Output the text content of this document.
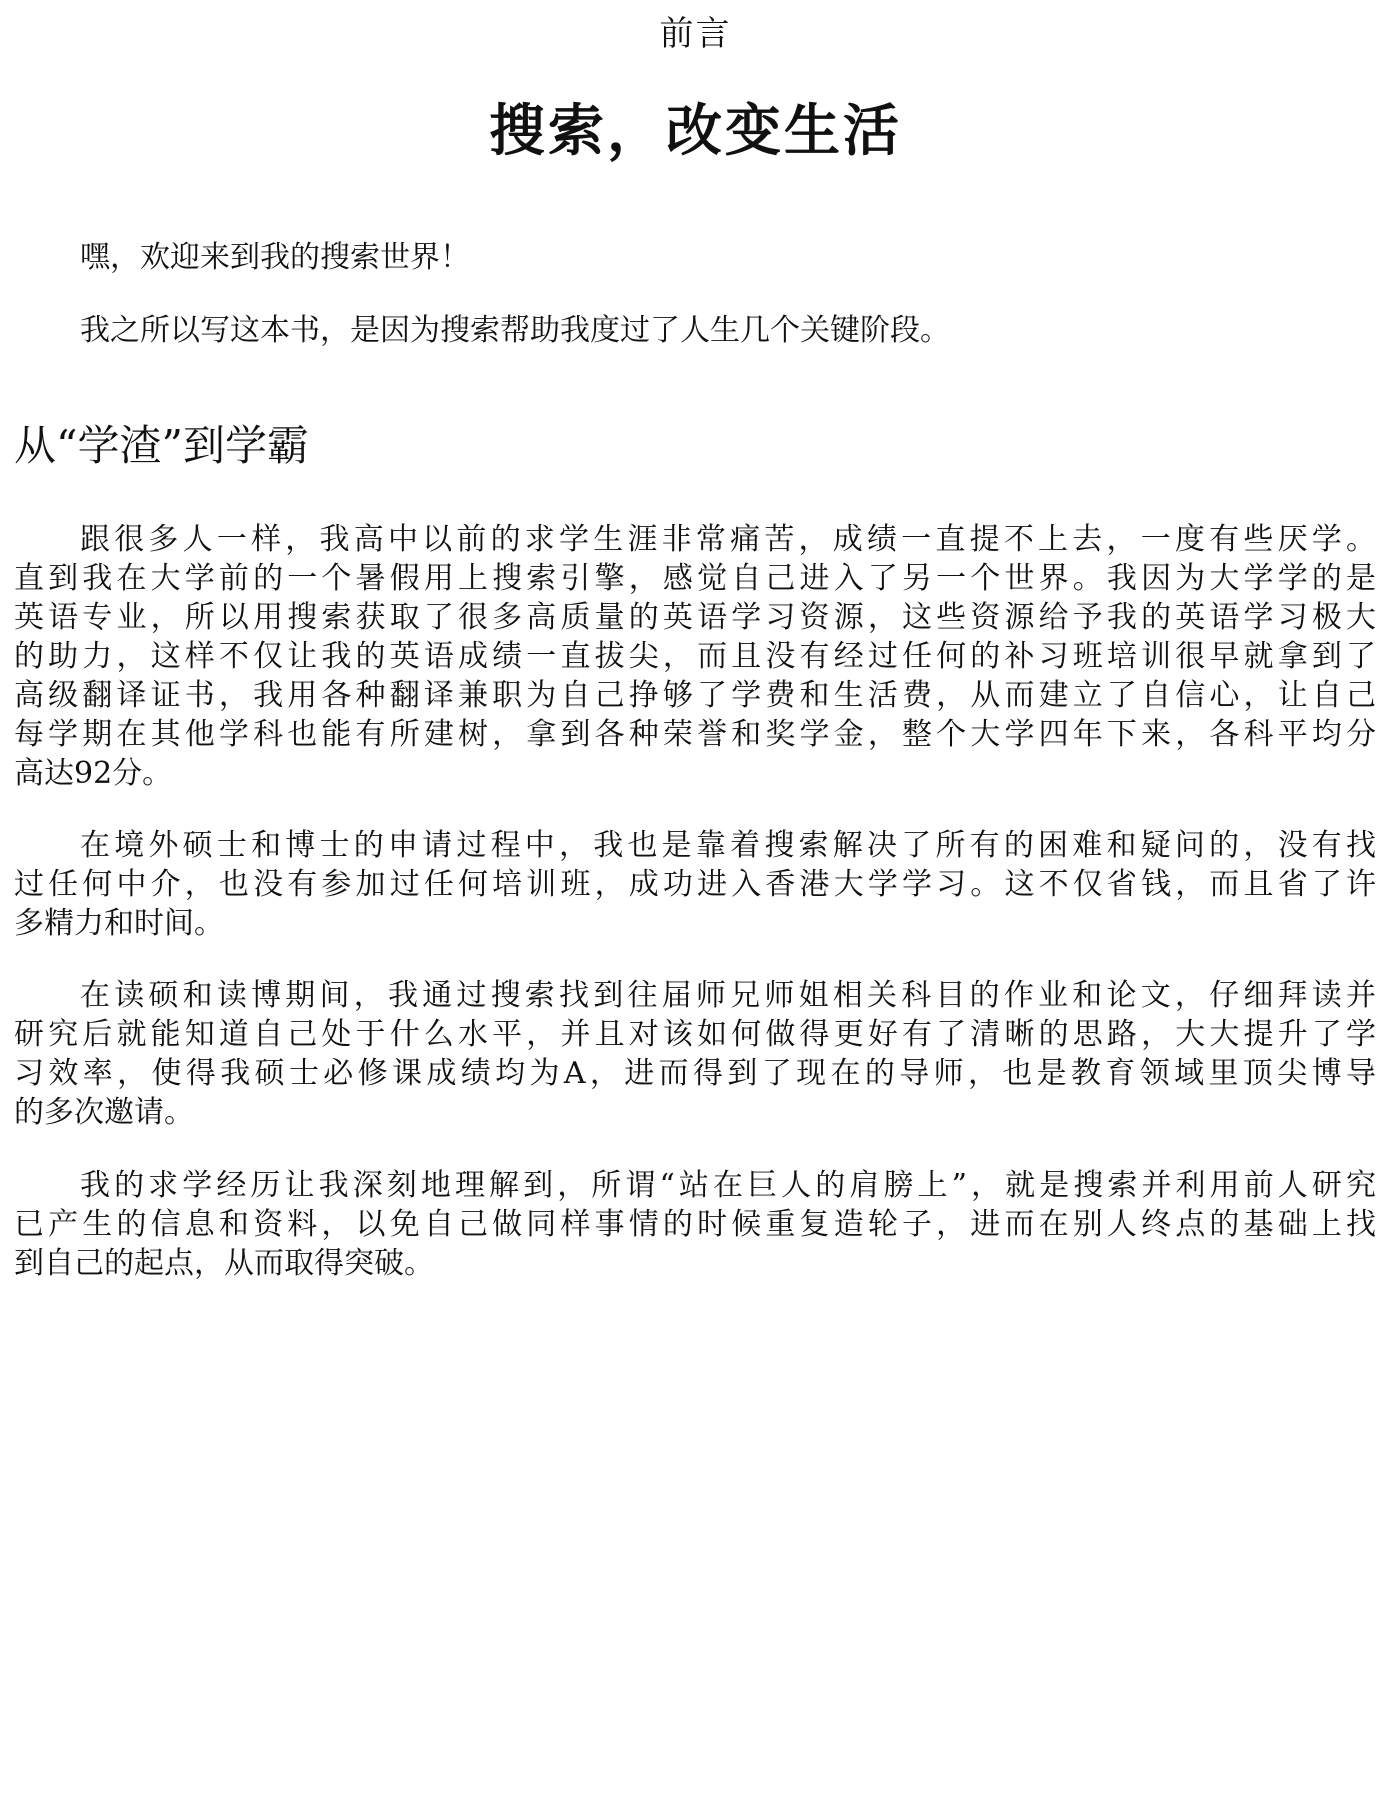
前言
搜索，改变生活

嘿，欢迎来到我的搜索世界！

我之所以写这本书，是因为搜索帮助我度过了人生几个关键阶段。

从“学渣”到学霸
跟很多人一样，我高中以前的求学生涯非常痛苦，成绩一直提不上去，一度有些厌学。
直到我在大学前的一个暑假用上搜索引擎，感觉自己进入了另一个世界。我因为大学学的是
英语专业，所以用搜索获取了很多高质量的英语学习资源，这些资源给予我的英语学习极大
的助力，这样不仅让我的英语成绩一直拔尖，而且没有经过任何的补习班培训很早就拿到了
高级翻译证书，我用各种翻译兼职为自己挣够了学费和生活费，从而建立了自信心，让自己
每学期在其他学科也能有所建树，拿到各种荣誉和奖学金，整个大学四年下来，各科平均分
高达92分。
在境外硕士和博士的申请过程中，我也是靠着搜索解决了所有的困难和疑问的，没有找
过任何中介，也没有参加过任何培训班，成功进入香港大学学习。这不仅省钱，而且省了许
多精力和时间。
在读硕和读博期间，我通过搜索找到往届师兄师姐相关科目的作业和论文，仔细拜读并
研究后就能知道自己处于什么水平，并且对该如何做得更好有了清晰的思路，大大提升了学
习效率，使得我硕士必修课成绩均为A，进而得到了现在的导师，也是教育领域里顶尖博导
的多次邀请。
我的求学经历让我深刻地理解到，所谓“站在巨人的肩膀上”，就是搜索并利用前人研究
已产生的信息和资料，以免自己做同样事情的时候重复造轮子，进而在别人终点的基础上找
到自己的起点，从而取得突破。
